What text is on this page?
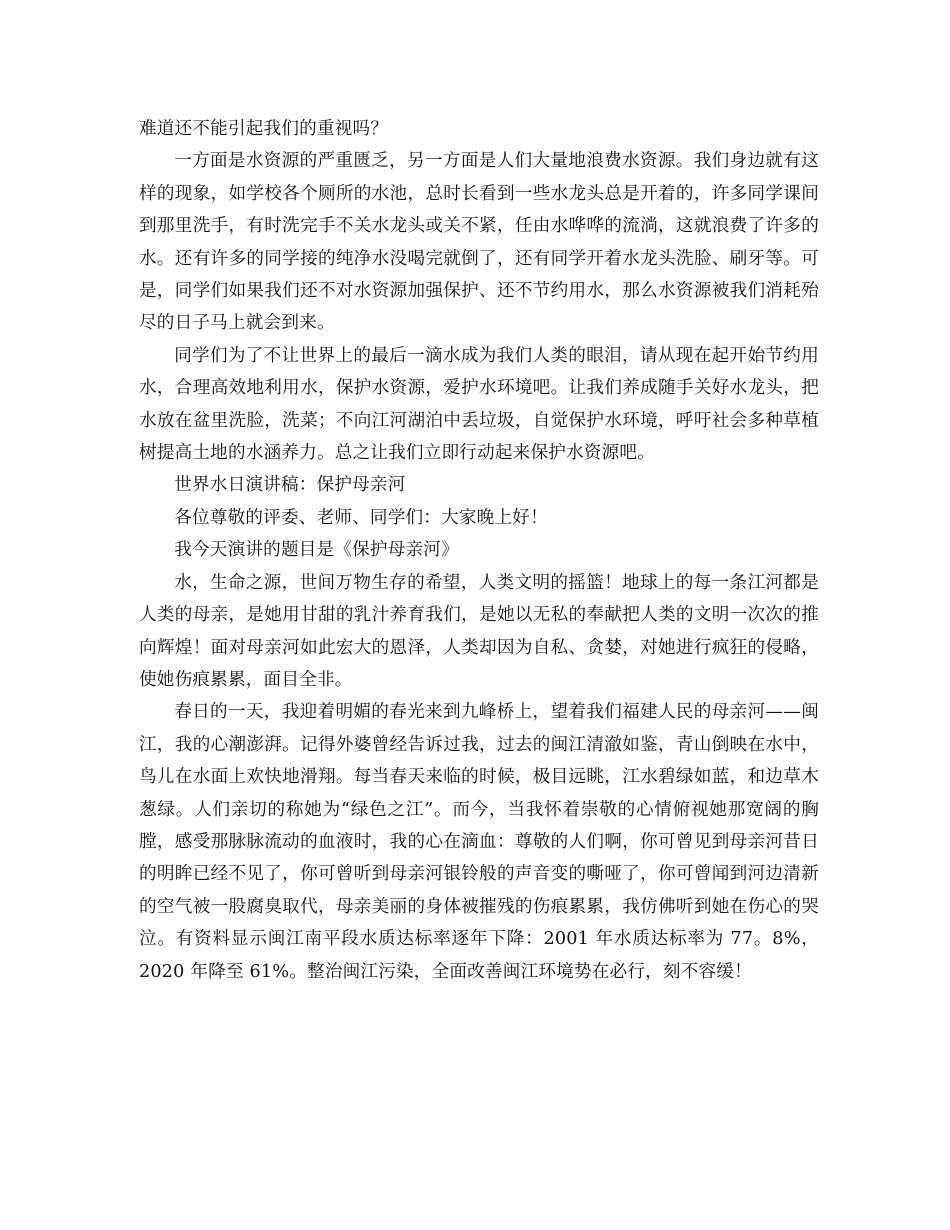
难道还不能引起我们的重视吗？

一方面是水资源的严重匮乏，另一方面是人们大量地浪费水资源。我们身边就有这样的现象，如学校各个厕所的水池，总时长看到一些水龙头总是开着的，许多同学课间到那里洗手，有时洗完手不关水龙头或关不紧，任由水哗哗的流淌，这就浪费了许多的水。还有许多的同学接的纯净水没喝完就倒了，还有同学开着水龙头洗脸、刷牙等。可是，同学们如果我们还不对水资源加强保护、还不节约用水，那么水资源被我们消耗殆尽的日子马上就会到来。

同学们为了不让世界上的最后一滴水成为我们人类的眼泪，请从现在起开始节约用水，合理高效地利用水，保护水资源，爱护水环境吧。让我们养成随手关好水龙头，把水放在盆里洗脸，洗菜；不向江河湖泊中丢垃圾，自觉保护水环境，呼吁社会多种草植树提高土地的水涵养力。总之让我们立即行动起来保护水资源吧。

世界水日演讲稿：保护母亲河

各位尊敬的评委、老师、同学们：大家晚上好！

我今天演讲的题目是《保护母亲河》

水，生命之源，世间万物生存的希望，人类文明的摇篮！地球上的每一条江河都是人类的母亲，是她用甘甜的乳汁养育我们，是她以无私的奉献把人类的文明一次次的推向辉煌！面对母亲河如此宏大的恩泽，人类却因为自私、贪婪，对她进行疯狂的侵略，使她伤痕累累，面目全非。

春日的一天，我迎着明媚的春光来到九峰桥上，望着我们福建人民的母亲河——闽江，我的心潮澎湃。记得外婆曾经告诉过我，过去的闽江清澈如鉴，青山倒映在水中，鸟儿在水面上欢快地滑翔。每当春天来临的时候，极目远眺，江水碧绿如蓝，和边草木葱绿。人们亲切的称她为“绿色之江”。而今，当我怀着崇敬的心情俯视她那宽阔的胸膛，感受那脉脉流动的血液时，我的心在滴血：尊敬的人们啊，你可曾见到母亲河昔日的明眸已经不见了，你可曾听到母亲河银铃般的声音变的嘶哑了，你可曾闻到河边清新的空气被一股腐臭取代，母亲美丽的身体被摧残的伤痕累累，我仿佛听到她在伤心的哭泣。有资料显示闽江南平段水质达标率逐年下降：2001 年水质达标率为 77。8%，2020 年降至 61%。整治闽江污染，全面改善闽江环境势在必行，刻不容缓！
